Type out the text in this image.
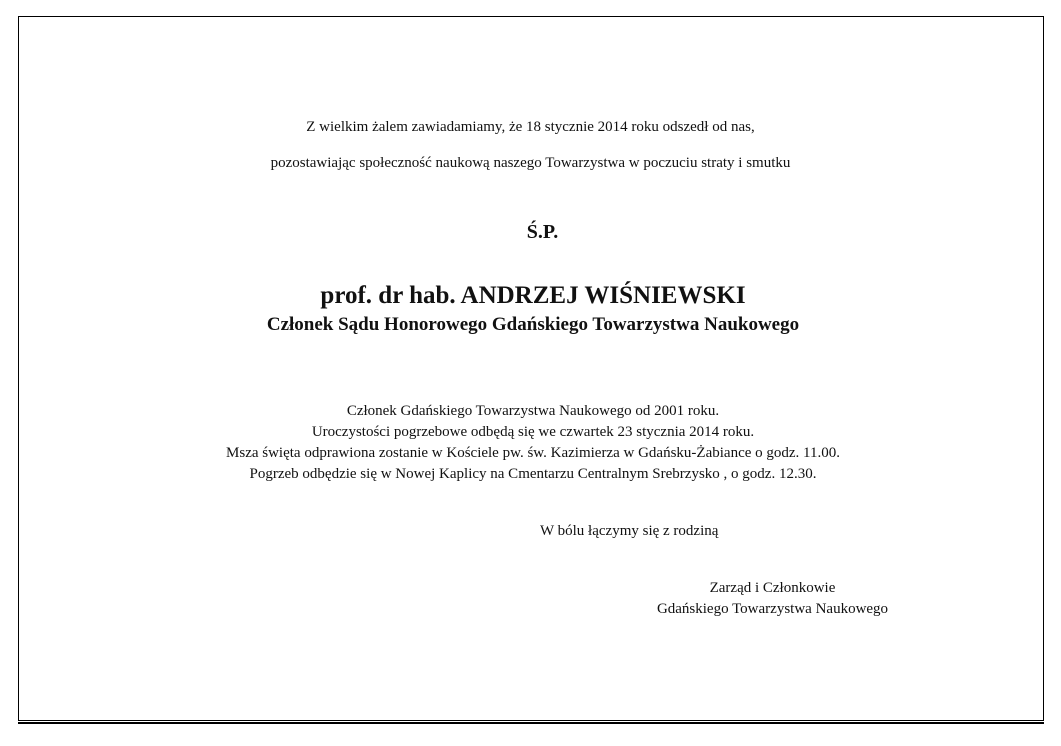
Z wielkim żalem zawiadamiamy, że 18 stycznie 2014 roku odszedł od nas,
pozostawiając społeczność naukową naszego Towarzystwa w poczuciu straty i smutku
Ś.P.
prof. dr hab. ANDRZEJ WIŚNIEWSKI
Członek Sądu Honorowego Gdańskiego Towarzystwa Naukowego
Członek Gdańskiego Towarzystwa Naukowego od 2001 roku.
Uroczystości pogrzebowe odbędą się we czwartek 23 stycznia 2014 roku.
Msza święta odprawiona zostanie w Kościele pw. św. Kazimierza w Gdańsku-Żabiance o godz. 11.00.
Pogrzeb odbędzie się w Nowej Kaplicy na Cmentarzu Centralnym Srebrzysko , o godz. 12.30.
W bólu łączymy się z rodziną
Zarząd i Członkowie
Gdańskiego Towarzystwa Naukowego
